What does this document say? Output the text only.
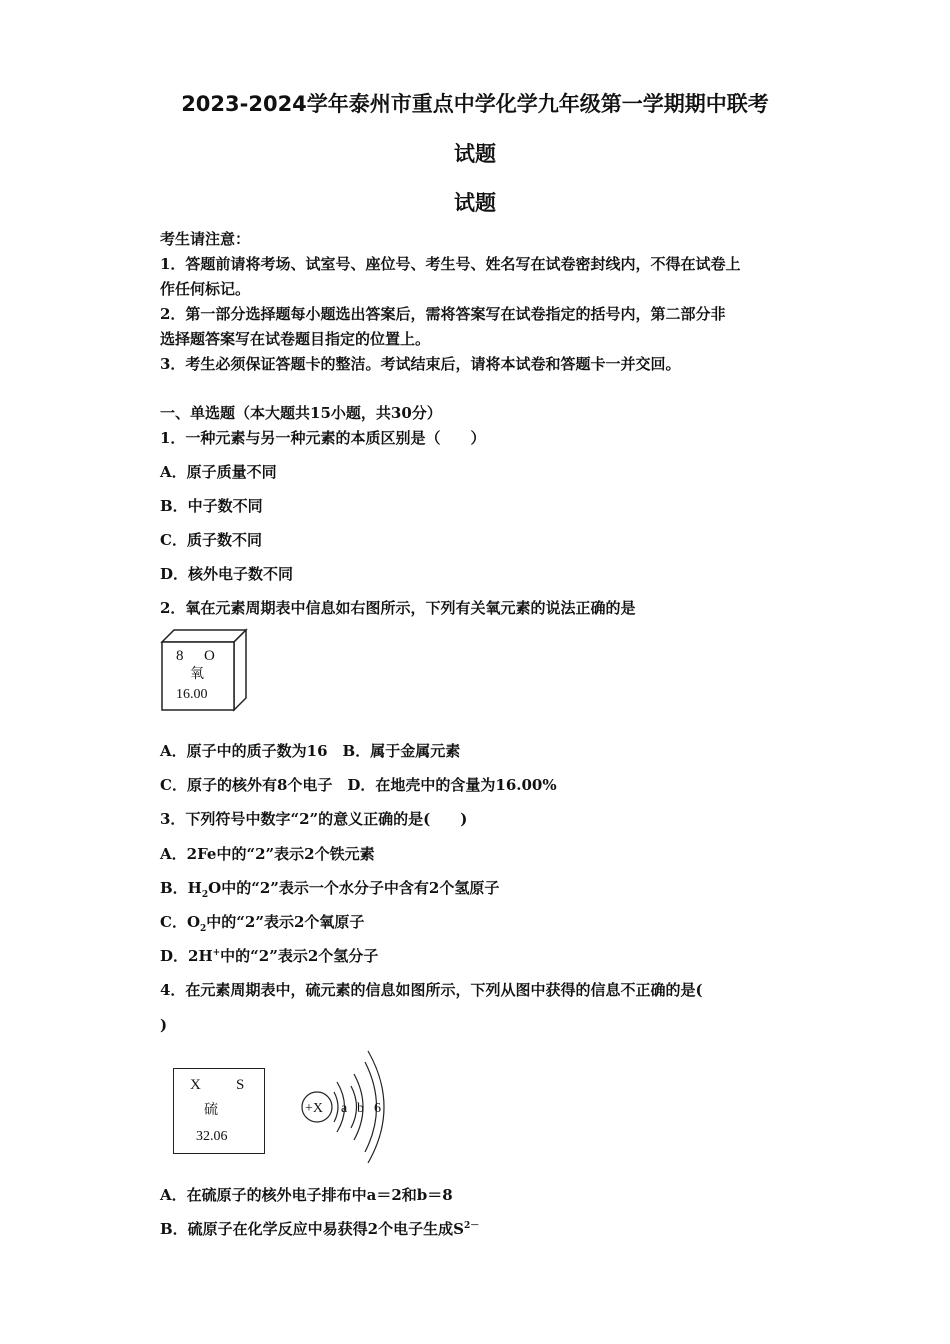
2023-2024学年泰州市重点中学化学九年级第一学期期中联考
试题
试题
考生请注意：
1．答题前请将考场、试室号、座位号、考生号、姓名写在试卷密封线内，不得在试卷上
作任何标记。
2．第一部分选择题每小题选出答案后，需将答案写在试卷指定的括号内，第二部分非
选择题答案写在试卷题目指定的位置上。
3．考生必须保证答题卡的整洁。考试结束后，请将本试卷和答题卡一并交回。
一、单选题（本大题共15小题，共30分）
1．一种元素与另一种元素的本质区别是（　　）
A．原子质量不同
B．中子数不同
C．质子数不同
D．核外电子数不同
2．氧在元素周期表中信息如右图所示，下列有关氧元素的说法正确的是
8 O
氧
16.00
A．原子中的质子数为16　B．属于金属元素
C．原子的核外有8个电子　D．在地壳中的含量为16.00%
3．下列符号中数字“2”的意义正确的是(　　)
A．2Fe中的“2”表示2个铁元素
B．$H_2O$中的“2”表示一个水分子中含有2个氢原子
C．$O_2$中的“2”表示2个氧原子
D．2H+中的“2”表示2个氢分子
4．在元素周期表中，硫元素的信息如图所示，下列从图中获得的信息不正确的是(
)
X S
硫
32.06
+X a b 6
A．在硫原子的核外电子排布中a＝2和b＝8
B．硫原子在化学反应中易获得2个电子生成$S^{2-}$
